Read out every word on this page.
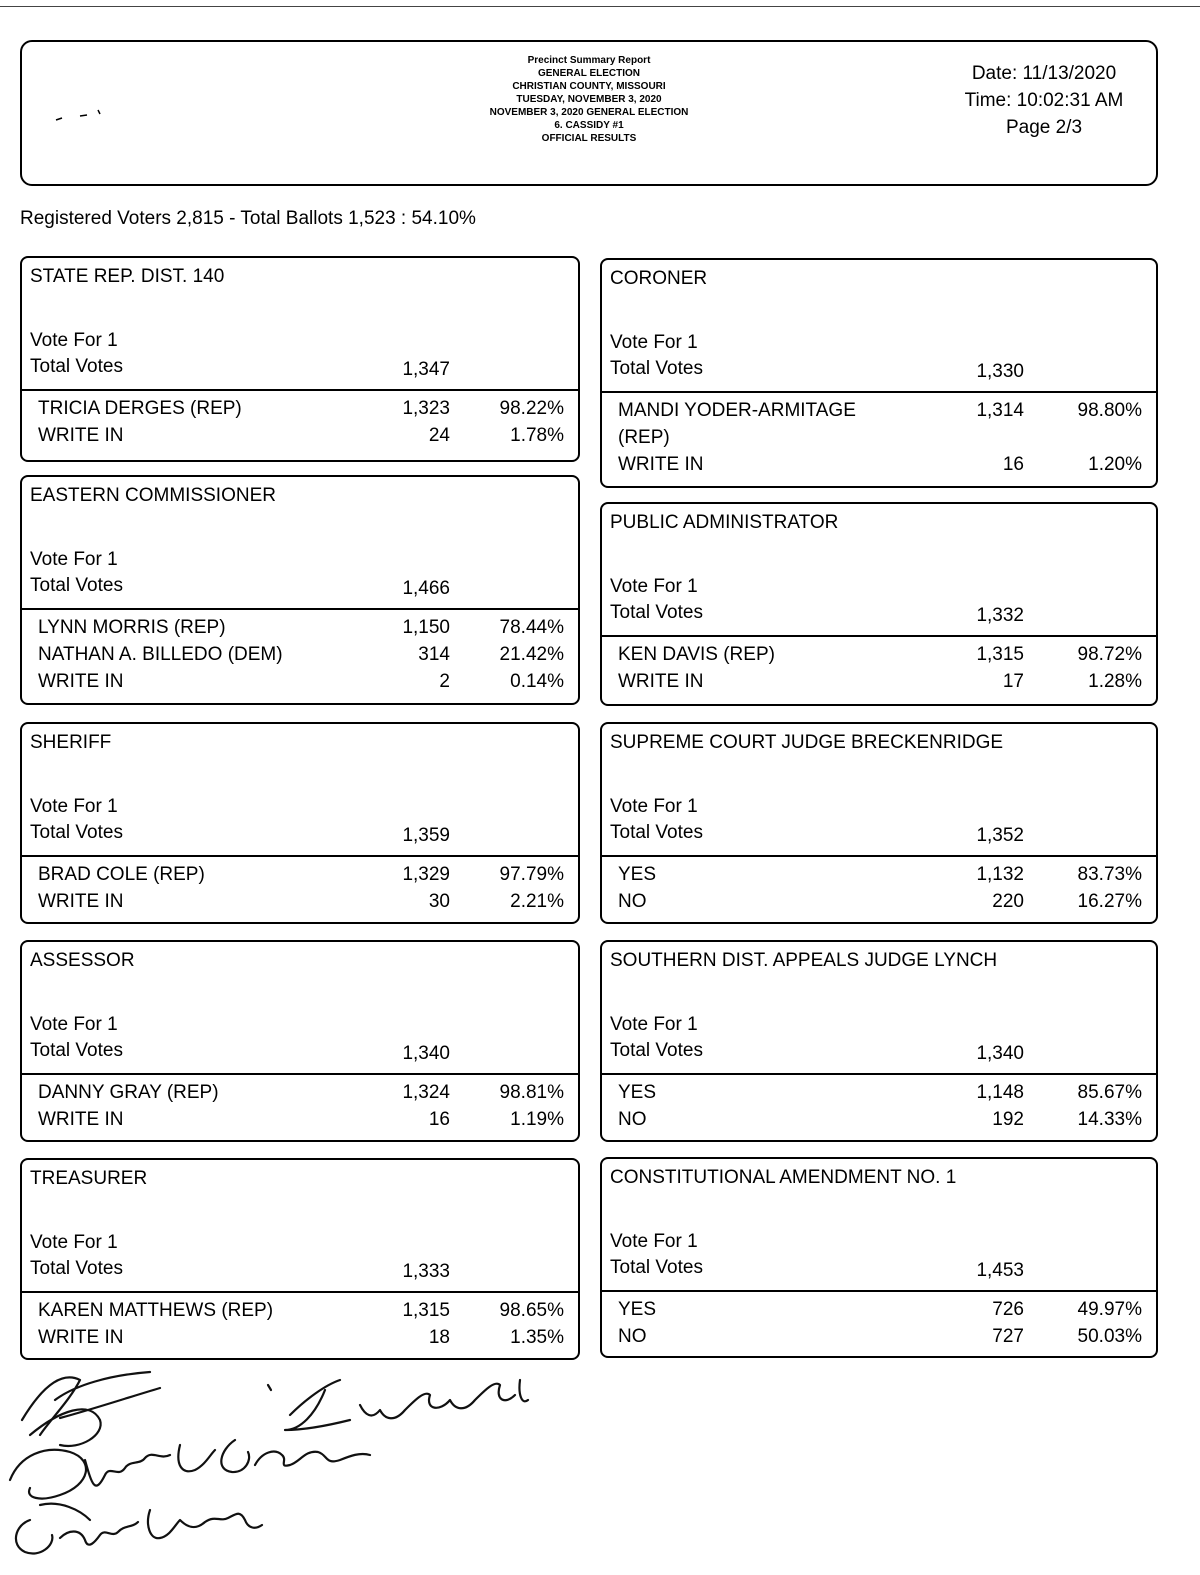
Precinct Summary Report
GENERAL ELECTION
CHRISTIAN COUNTY, MISSOURI
TUESDAY, NOVEMBER 3, 2020
NOVEMBER 3, 2020 GENERAL ELECTION
6. CASSIDY #1
OFFICIAL RESULTS
Date: 11/13/2020
Time: 10:02:31 AM
Page 2/3
Registered Voters 2,815 - Total Ballots 1,523 : 54.10%
STATE REP. DIST. 140
Vote For 1
Total Votes	1,347
TRICIA DERGES (REP)	1,323	98.22%
WRITE IN	24	1.78%
EASTERN COMMISSIONER
Vote For 1
Total Votes	1,466
LYNN MORRIS (REP)	1,150	78.44%
NATHAN A. BILLEDO (DEM)	314	21.42%
WRITE IN	2	0.14%
SHERIFF
Vote For 1
Total Votes	1,359
BRAD COLE (REP)	1,329	97.79%
WRITE IN	30	2.21%
ASSESSOR
Vote For 1
Total Votes	1,340
DANNY GRAY (REP)	1,324	98.81%
WRITE IN	16	1.19%
TREASURER
Vote For 1
Total Votes	1,333
KAREN MATTHEWS (REP)	1,315	98.65%
WRITE IN	18	1.35%
CORONER
Vote For 1
Total Votes	1,330
MANDI YODER-ARMITAGE	1,314	98.80%
(REP)
WRITE IN	16	1.20%
PUBLIC ADMINISTRATOR
Vote For 1
Total Votes	1,332
KEN DAVIS (REP)	1,315	98.72%
WRITE IN	17	1.28%
SUPREME COURT JUDGE BRECKENRIDGE
Vote For 1
Total Votes	1,352
YES	1,132	83.73%
NO	220	16.27%
SOUTHERN DIST. APPEALS JUDGE LYNCH
Vote For 1
Total Votes	1,340
YES	1,148	85.67%
NO	192	14.33%
CONSTITUTIONAL AMENDMENT NO. 1
Vote For 1
Total Votes	1,453
YES	726	49.97%
NO	727	50.03%
